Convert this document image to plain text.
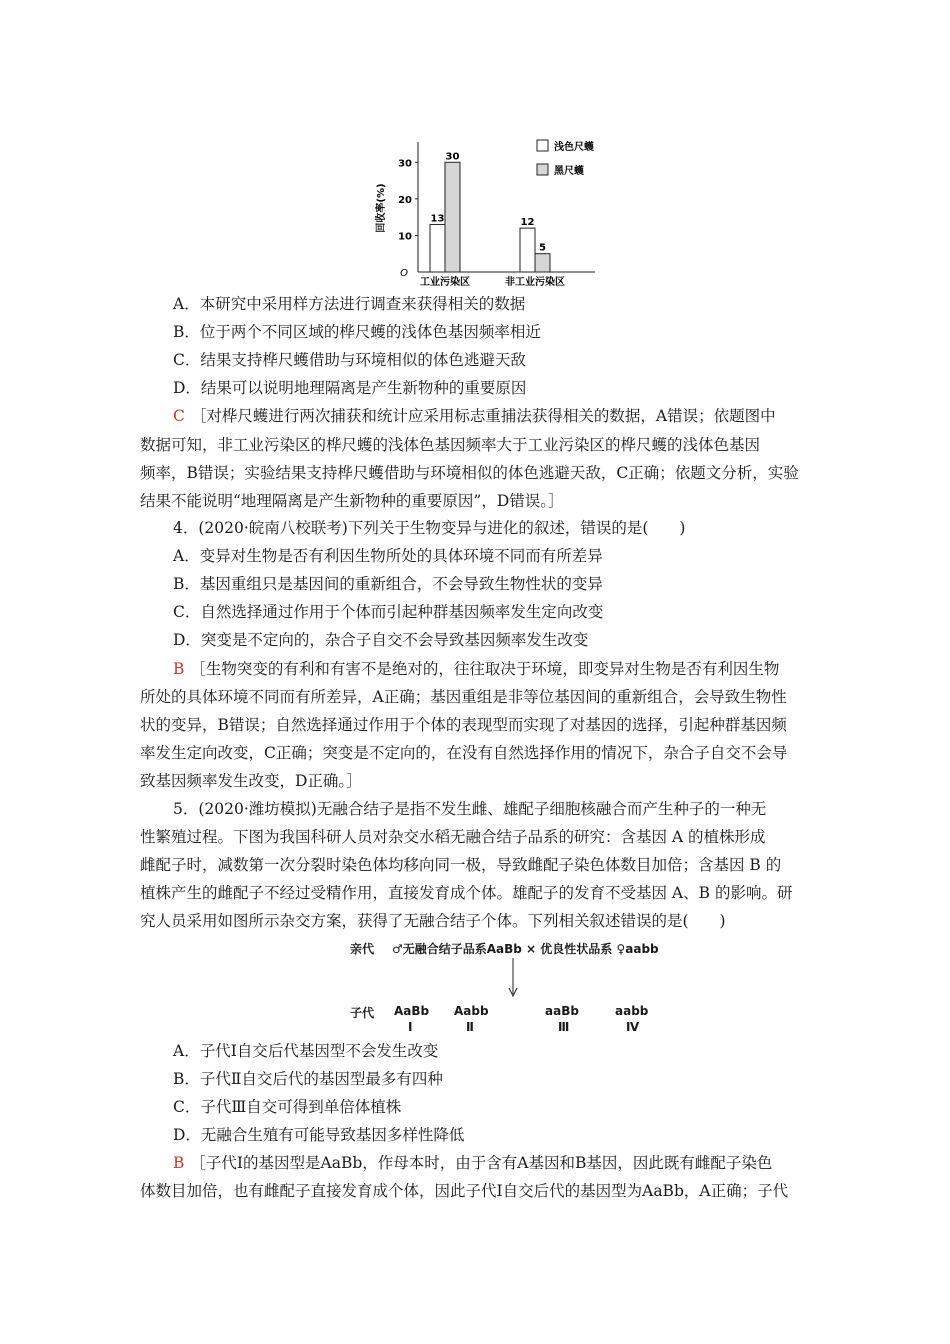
O
10
20
30
回收率(%)	13
30
工业污染区
12
5
非工业污染区
浅色尺蠖
黑尺蠖
A．本研究中采用样方法进行调查来获得相关的数据
B．位于两个不同区域的桦尺蠖的浅体色基因频率相近
C．结果支持桦尺蠖借助与环境相似的体色逃避天敌
D．结果可以说明地理隔离是产生新物种的重要原因
C ［对桦尺蠖进行两次捕获和统计应采用标志重捕法获得相关的数据，A错误；依题图中
数据可知，非工业污染区的桦尺蠖的浅体色基因频率大于工业污染区的桦尺蠖的浅体色基因
频率，B错误；实验结果支持桦尺蠖借助与环境相似的体色逃避天敌，C正确；依题文分析，实验
结果不能说明“地理隔离是产生新物种的重要原因”，D错误。］
4．(2020·皖南八校联考)下列关于生物变异与进化的叙述，错误的是(　　)
A．变异对生物是否有利因生物所处的具体环境不同而有所差异
B．基因重组只是基因间的重新组合，不会导致生物性状的变异
C．自然选择通过作用于个体而引起种群基因频率发生定向改变
D．突变是不定向的，杂合子自交不会导致基因频率发生改变
B ［生物突变的有利和有害不是绝对的，往往取决于环境，即变异对生物是否有利因生物
所处的具体环境不同而有所差异，A正确；基因重组是非等位基因间的重新组合，会导致生物性
状的变异，B错误；自然选择通过作用于个体的表现型而实现了对基因的选择，引起种群基因频
率发生定向改变，C正确；突变是不定向的，在没有自然选择作用的情况下，杂合子自交不会导
致基因频率发生改变，D正确。］
5．(2020·潍坊模拟)无融合结子是指不发生雌、雄配子细胞核融合而产生种子的一种无
性繁殖过程。下图为我国科研人员对杂交水稻无融合结子品系的研究：含基因 A 的植株形成
雌配子时，减数第一次分裂时染色体均移向同一极，导致雌配子染色体数目加倍；含基因 B 的
植株产生的雌配子不经过受精作用，直接发育成个体。雄配子的发育不受基因 A、B 的影响。研
究人员采用如图所示杂交方案，获得了无融合结子个体。下列相关叙述错误的是(　　)
亲代 ♂无融合结子品系AaBb × 优良性状品系 ♀aabb
子代 AaBb
Ⅰ
Aabb
Ⅱ
aaBb
Ⅲ
aabb
Ⅳ
A．子代Ⅰ自交后代基因型不会发生改变
B．子代Ⅱ自交后代的基因型最多有四种
C．子代Ⅲ自交可得到单倍体植株
D．无融合生殖有可能导致基因多样性降低
B ［子代Ⅰ的基因型是AaBb，作母本时，由于含有A基因和B基因，因此既有雌配子染色
体数目加倍，也有雌配子直接发育成个体，因此子代Ⅰ自交后代的基因型为AaBb，A正确；子代
